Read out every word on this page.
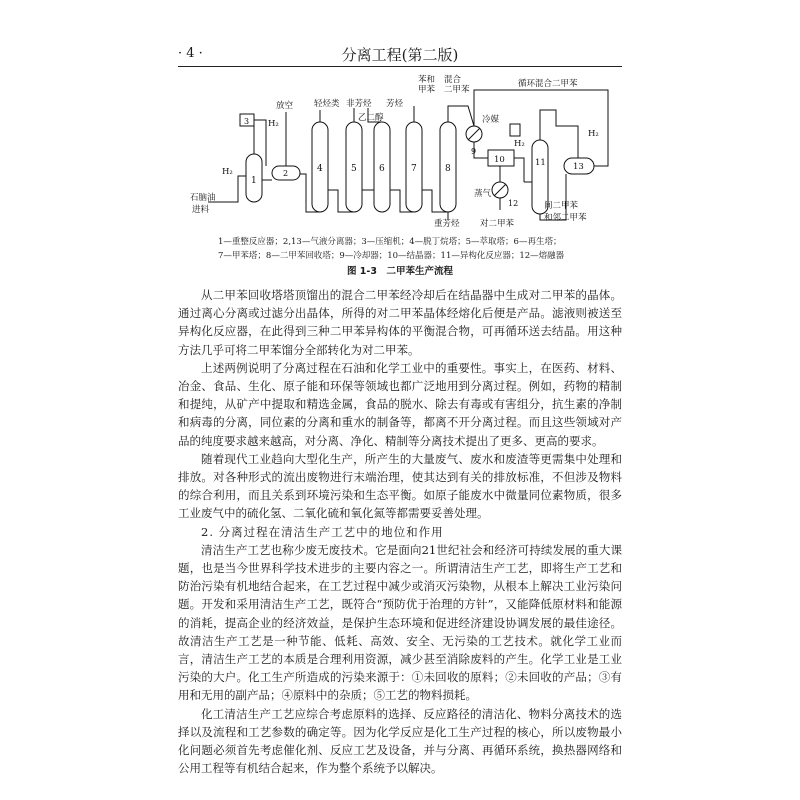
· 4 ·	分离工程(第二版)
1
3
2	4	5 6	7	8
9
10
12
11	13
H₂
H₂
放空 轻烃类 非芳烃
乙二醇
芳烃
苯和
甲苯
混合
二甲苯
循环混合二甲苯
冷媒
H₂
H₂
蒸气
重芳烃 对二甲苯
间二甲苯
和邻二甲苯
石脑油
进料
1—重整反应器；2,13—气液分离器；3—压缩机；4—脱丁烷塔；5—萃取塔；6—再生塔；
7—甲苯塔；8—二甲苯回收塔；9—冷却器；10—结晶器；11—异构化反应器；12—熔融器
图 1-3　二甲苯生产流程

从二甲苯回收塔塔顶馏出的混合二甲苯经冷却后在结晶器中生成对二甲苯的晶体。通过离心分离或过滤分出晶体，所得的对二甲苯晶体经熔化后便是产品。滤液则被送至异构化反应器，在此得到三种二甲苯异构体的平衡混合物，可再循环送去结晶。用这种方法几乎可将二甲苯馏分全部转化为对二甲苯。

上述两例说明了分离过程在石油和化学工业中的重要性。事实上，在医药、材料、冶金、食品、生化、原子能和环保等领域也都广泛地用到分离过程。例如，药物的精制和提纯，从矿产中提取和精选金属，食品的脱水、除去有毒或有害组分，抗生素的净制和病毒的分离，同位素的分离和重水的制备等，都离不开分离过程。而且这些领域对产品的纯度要求越来越高，对分离、净化、精制等分离技术提出了更多、更高的要求。

随着现代工业趋向大型化生产，所产生的大量废气、废水和废渣等更需集中处理和排放。对各种形式的流出废物进行末端治理，使其达到有关的排放标准，不但涉及物料的综合利用，而且关系到环境污染和生态平衡。如原子能废水中微量同位素物质，很多工业废气中的硫化氢、二氧化硫和氧化氮等都需要妥善处理。

2. 分离过程在清洁生产工艺中的地位和作用

清洁生产工艺也称少废无废技术。它是面向21世纪社会和经济可持续发展的重大课题，也是当今世界科学技术进步的主要内容之一。所谓清洁生产工艺，即将生产工艺和防治污染有机地结合起来，在工艺过程中减少或消灭污染物，从根本上解决工业污染问题。开发和采用清洁生产工艺，既符合“预防优于治理的方针”，又能降低原材料和能源的消耗，提高企业的经济效益，是保护生态环境和促进经济建设协调发展的最佳途径。故清洁生产工艺是一种节能、低耗、高效、安全、无污染的工艺技术。就化学工业而言，清洁生产工艺的本质是合理利用资源，减少甚至消除废料的产生。化学工业是工业污染的大户。化工生产所造成的污染来源于：①未回收的原料；②未回收的产品；③有用和无用的副产品；④原料中的杂质；⑤工艺的物料损耗。

化工清洁生产工艺应综合考虑原料的选择、反应路径的清洁化、物料分离技术的选择以及流程和工艺参数的确定等。因为化学反应是化工生产过程的核心，所以废物最小化问题必须首先考虑催化剂、反应工艺及设备，并与分离、再循环系统，换热器网络和公用工程等有机结合起来，作为整个系统予以解决。
